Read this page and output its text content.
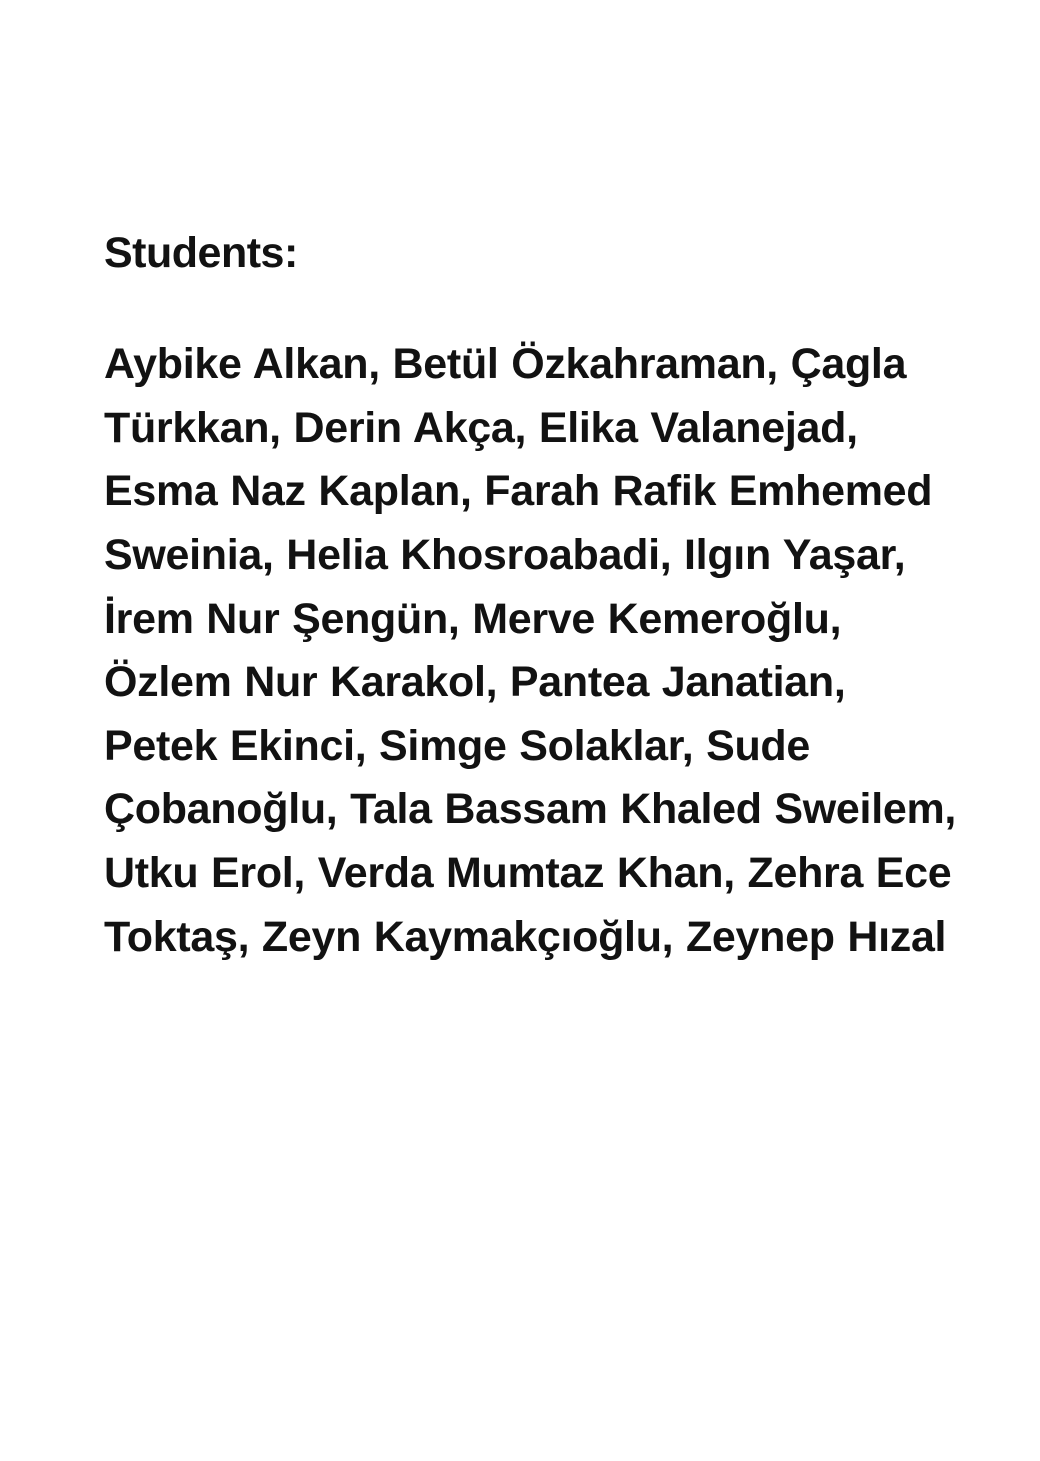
Students:

Aybike Alkan, Betül Özkahraman, Çagla Türkkan, Derin Akça, Elika Valanejad, Esma Naz Kaplan, Farah Rafik Emhemed Sweinia, Helia Khosroabadi, Ilgın Yaşar, İrem Nur Şengün, Merve Kemeroğlu, Özlem Nur Karakol, Pantea Janatian, Petek Ekinci, Simge Solaklar, Sude Çobanoğlu, Tala Bassam Khaled Sweilem, Utku Erol, Verda Mumtaz Khan, Zehra Ece Toktaş, Zeyn Kaymakçıoğlu, Zeynep Hızal
